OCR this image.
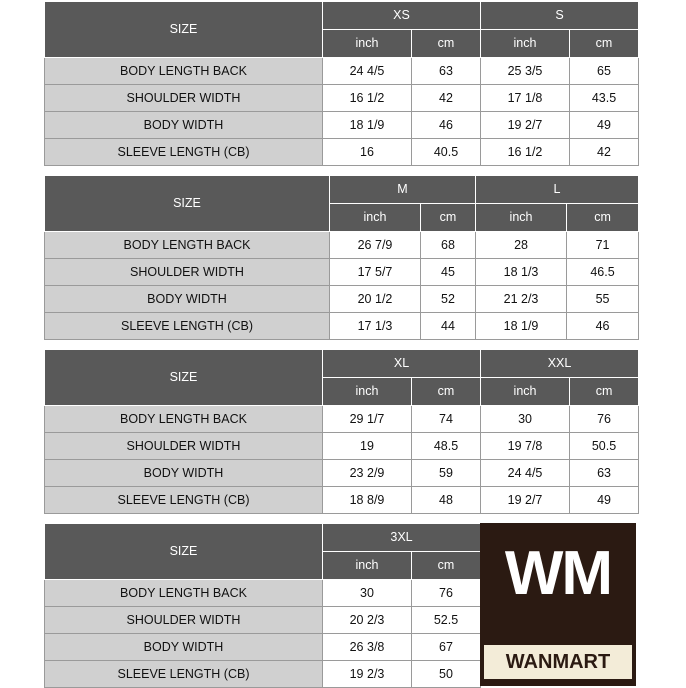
SIZE	XS		S	
	inch	cm	inch	cm
BODY LENGTH BACK	24 4/5	63	25 3/5	65
SHOULDER WIDTH	16 1/2	42	17 1/8	43.5
BODY WIDTH	18 1/9	46	19 2/7	49
SLEEVE LENGTH (CB)	16	40.5	16 1/2	42
SIZE	M		L	
	inch	cm	inch	cm
BODY LENGTH BACK	26 7/9	68	28	71
SHOULDER WIDTH	17 5/7	45	18 1/3	46.5
BODY WIDTH	20 1/2	52	21 2/3	55
SLEEVE LENGTH (CB)	17 1/3	44	18 1/9	46
SIZE	XL		XXL	
	inch	cm	inch	cm
BODY LENGTH BACK	29 1/7	74	30	76
SHOULDER WIDTH	19	48.5	19 7/8	50.5
BODY WIDTH	23 2/9	59	24 4/5	63
SLEEVE LENGTH (CB)	18 8/9	48	19 2/7	49
SIZE	3XL	
	inch	cm
BODY LENGTH BACK	30	76
SHOULDER WIDTH	20 2/3	52.5
BODY WIDTH	26 3/8	67
SLEEVE LENGTH (CB)	19 2/3	50
WM
WANMART
